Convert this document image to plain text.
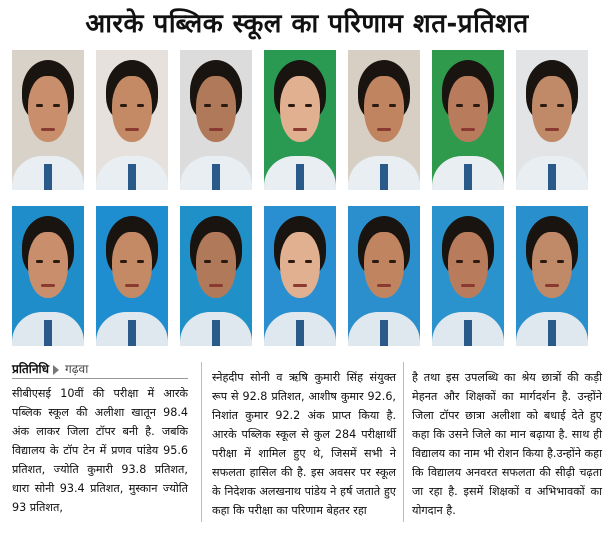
आरके पब्लिक स्कूल का परिणाम शत-प्रतिशत
प्रतिनिधि गढ़वा
सीबीएसई 10वीं की परीक्षा में आरके पब्लिक स्कूल की अलीशा खातून 98.4 अंक लाकर जिला टॉपर बनी है. जबकि विद्यालय के टॉप टेन में प्रणव पांडेय 95.6 प्रतिशत, ज्योति कुमारी 93.8 प्रतिशत, धारा सोनी 93.4 प्रतिशत, मुस्कान ज्योति 93 प्रतिशत,
स्नेहदीप सोनी व ऋषि कुमारी सिंह संयुक्त रूप से 92.8 प्रतिशत, आशीष कुमार 92.6, निशांत कुमार 92.2 अंक प्राप्त किया है. आरके पब्लिक स्कूल से कुल 284 परीक्षार्थी परीक्षा में शामिल हुए थे, जिसमें सभी ने सफलता हासिल की है. इस अवसर पर स्कूल के निदेशक अलखनाथ पांडेय ने हर्ष जताते हुए कहा कि परीक्षा का परिणाम बेहतर रहा
है तथा इस उपलब्धि का श्रेय छात्रों की कड़ी मेहनत और शिक्षकों का मार्गदर्शन है. उन्होंने जिला टॉपर छात्रा अलीशा को बधाई देते हुए कहा कि उसने जिले का मान बढ़ाया है. साथ ही विद्यालय का नाम भी रोशन किया है.उन्होंने कहा कि विद्यालय अनवरत सफलता की सीढ़ी चढ़ता जा रहा है. इसमें शिक्षकों व अभिभावकों का योगदान है.
